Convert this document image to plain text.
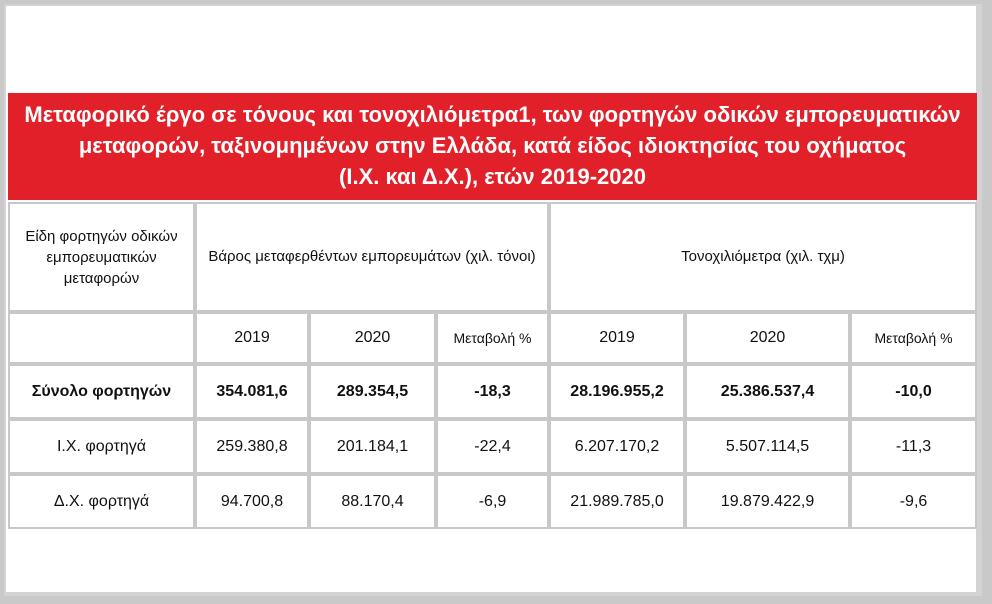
Μεταφορικό έργο σε τόνους και τονοχιλιόμετρα1, των φορτηγών οδικών εμπορευματικών
μεταφορών, ταξινομημένων στην Ελλάδα, κατά είδος ιδιοκτησίας του οχήματος
(Ι.Χ. και Δ.Χ.), ετών 2019-2020
Είδη φορτηγών οδικών εμπορευματικών μεταφορών	Βάρος μεταφερθέντων εμπορευμάτων (χιλ. τόνοι)			Τονοχιλιόμετρα (χιλ. τχμ)		
	2019	2020	Μεταβολή %	2019	2020	Μεταβολή %
Σύνολο φορτηγών	354.081,6	289.354,5	-18,3	28.196.955,2	25.386.537,4	-10,0
Ι.Χ. φορτηγά	259.380,8	201.184,1	-22,4	6.207.170,2	5.507.114,5	-11,3
Δ.Χ. φορτηγά	94.700,8	88.170,4	-6,9	21.989.785,0	19.879.422,9	-9,6
